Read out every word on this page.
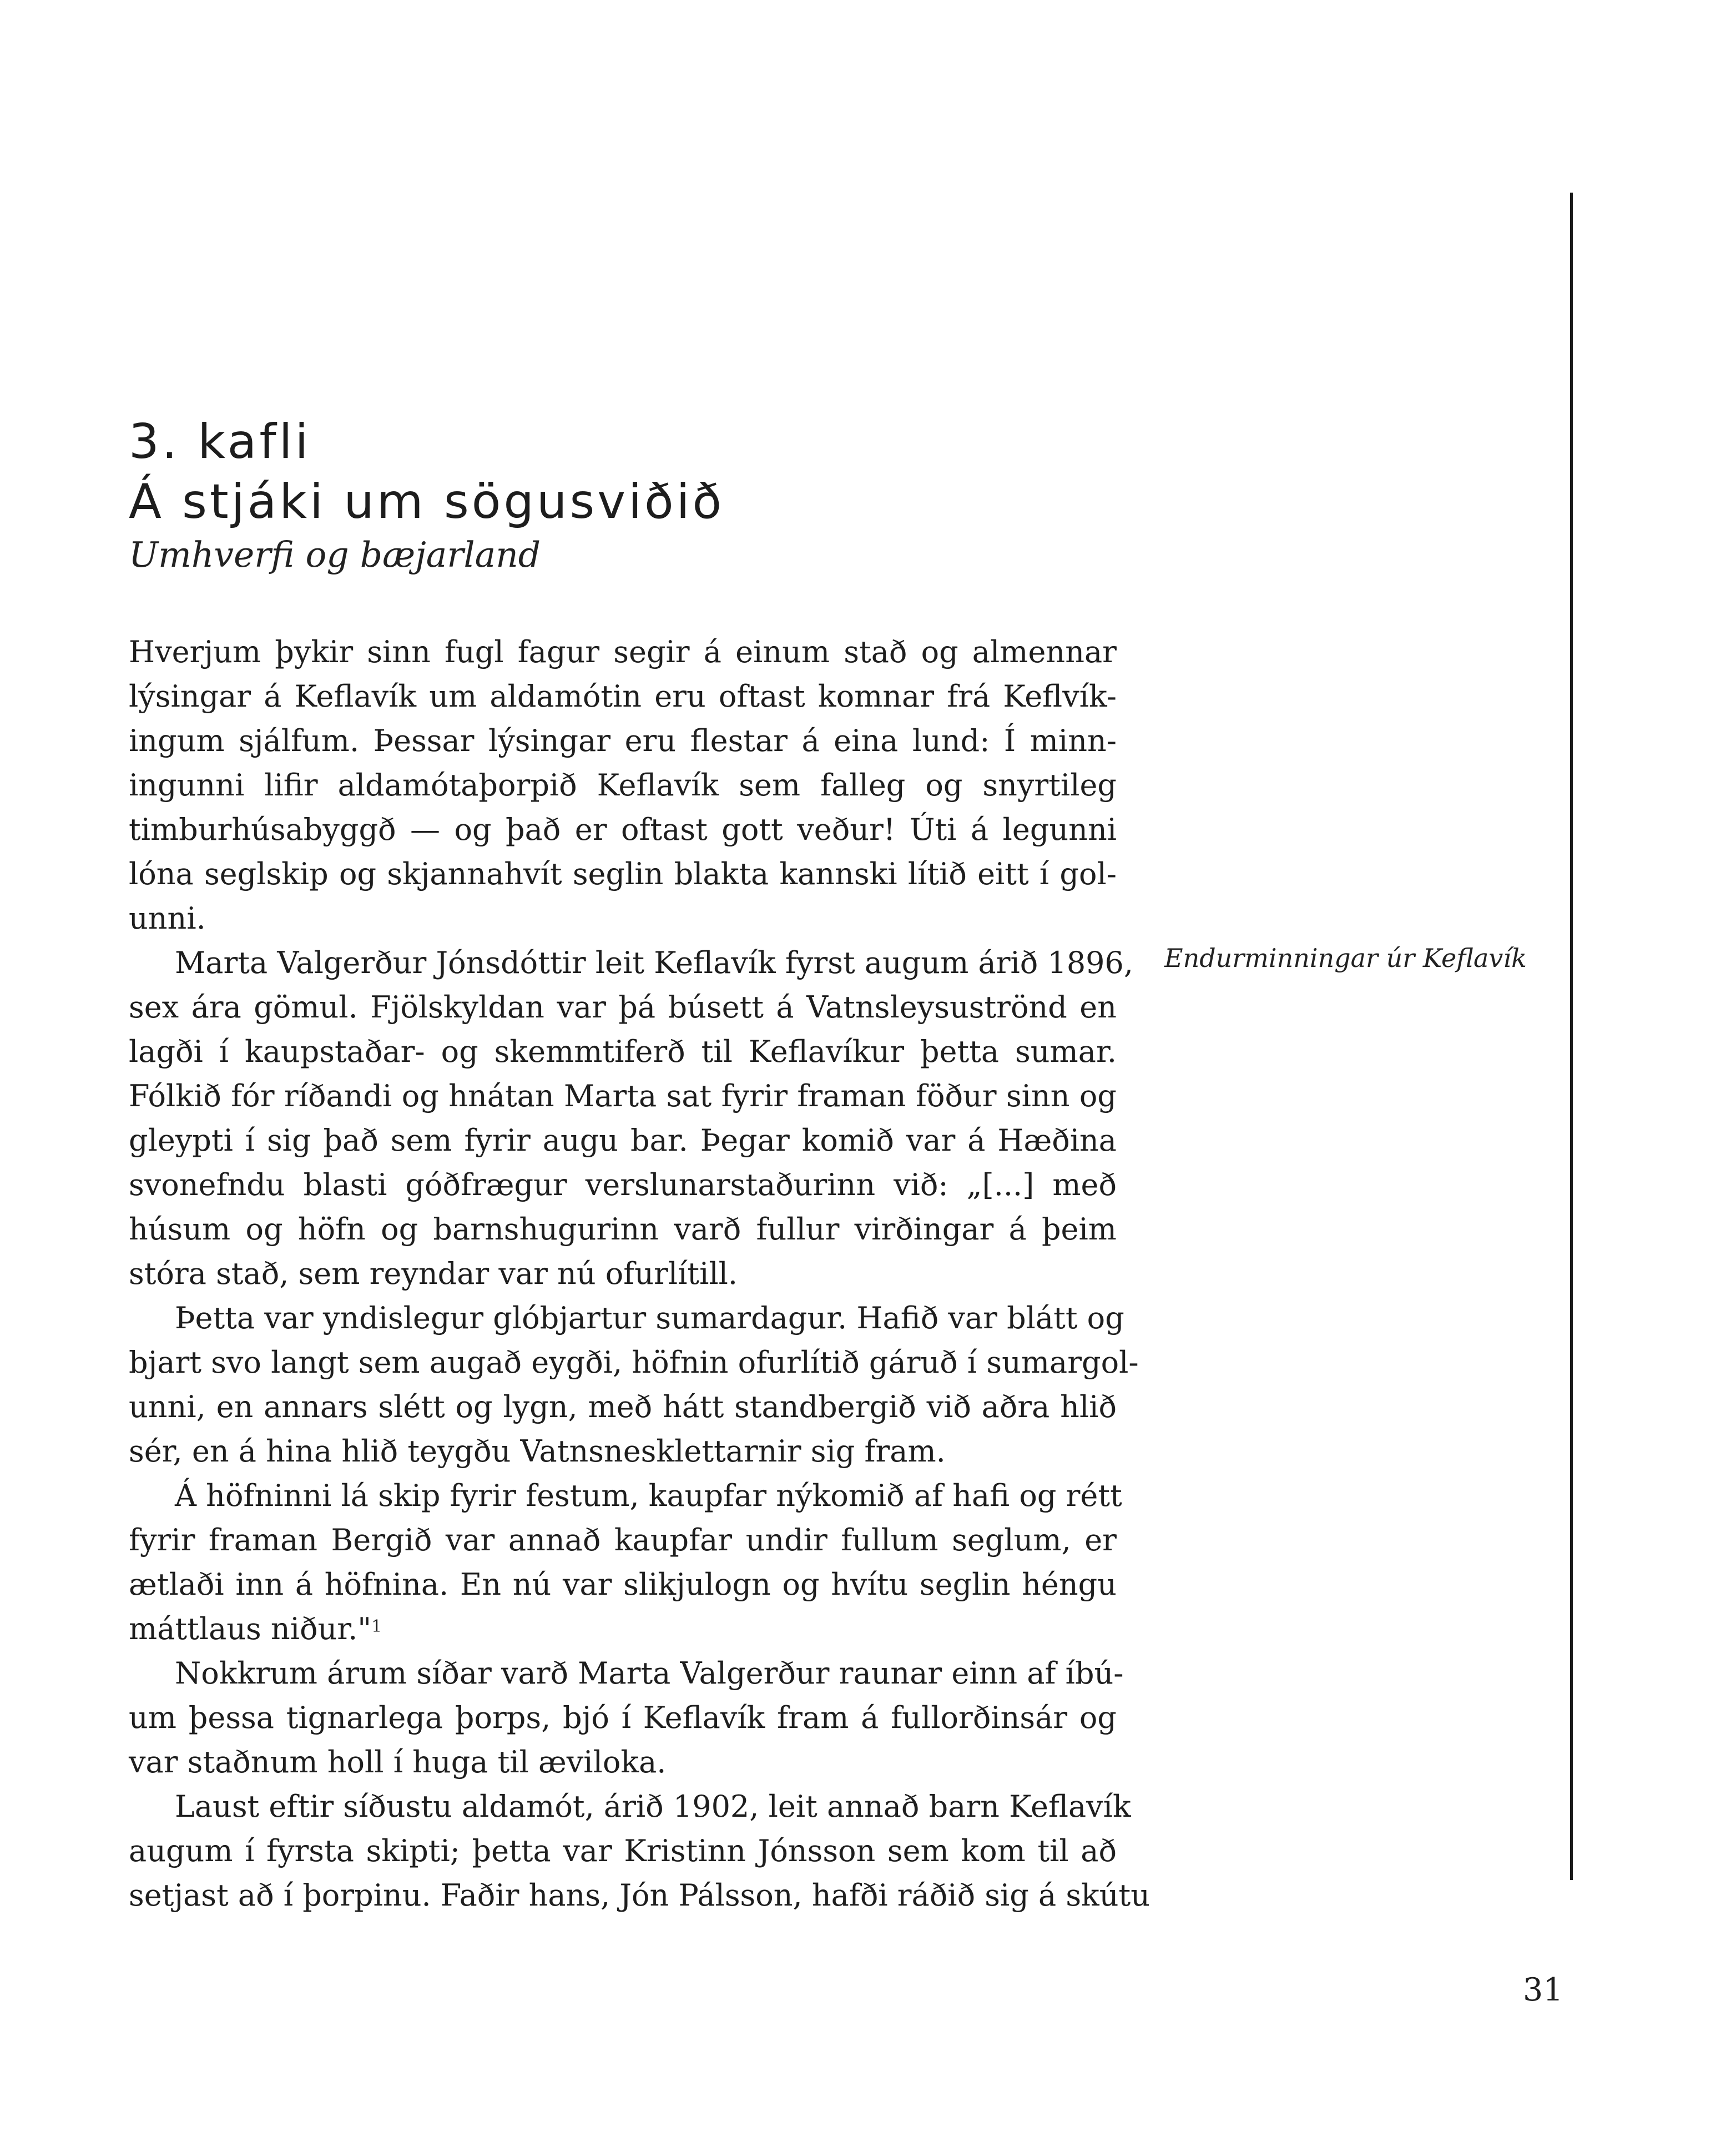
3. kafli
Á stjáki um sögusviðið
Umhverfi og bæjarland
Hverjum þykir sinn fugl fagur segir á einum stað og almennar
lýsingar á Keflavík um aldamótin eru oftast komnar frá Keflvík-
ingum sjálfum. Þessar lýsingar eru flestar á eina lund: Í minn-
ingunni lifir aldamótaþorpið Keflavík sem falleg og snyrtileg
timburhúsabyggð — og það er oftast gott veður! Úti á legunni
lóna seglskip og skjannahvít seglin blakta kannski lítið eitt í gol-
unni.
Marta Valgerður Jónsdóttir leit Keflavík fyrst augum árið 1896,
sex ára gömul. Fjölskyldan var þá búsett á Vatnsleysuströnd en
lagði í kaupstaðar- og skemmtiferð til Keflavíkur þetta sumar.
Fólkið fór ríðandi og hnátan Marta sat fyrir framan föður sinn og
gleypti í sig það sem fyrir augu bar. Þegar komið var á Hæðina
svonefndu blasti góðfrægur verslunarstaðurinn við: „[...] með
húsum og höfn og barnshugurinn varð fullur virðingar á þeim
stóra stað, sem reyndar var nú ofurlítill.
Þetta var yndislegur glóbjartur sumardagur. Hafið var blátt og
bjart svo langt sem augað eygði, höfnin ofurlítið gáruð í sumargol-
unni, en annars slétt og lygn, með hátt standbergið við aðra hlið
sér, en á hina hlið teygðu Vatnsnesklettarnir sig fram.
Á höfninni lá skip fyrir festum, kaupfar nýkomið af hafi og rétt
fyrir framan Bergið var annað kaupfar undir fullum seglum, er
ætlaði inn á höfnina. En nú var slikjulogn og hvítu seglin héngu
máttlaus niður."$^1$
Nokkrum árum síðar varð Marta Valgerður raunar einn af íbú-
um þessa tignarlega þorps, bjó í Keflavík fram á fullorðinsár og
var staðnum holl í huga til æviloka.
Laust eftir síðustu aldamót, árið 1902, leit annað barn Keflavík
augum í fyrsta skipti; þetta var Kristinn Jónsson sem kom til að
setjast að í þorpinu. Faðir hans, Jón Pálsson, hafði ráðið sig á skútu
Endurminningar úr Keflavík
31
